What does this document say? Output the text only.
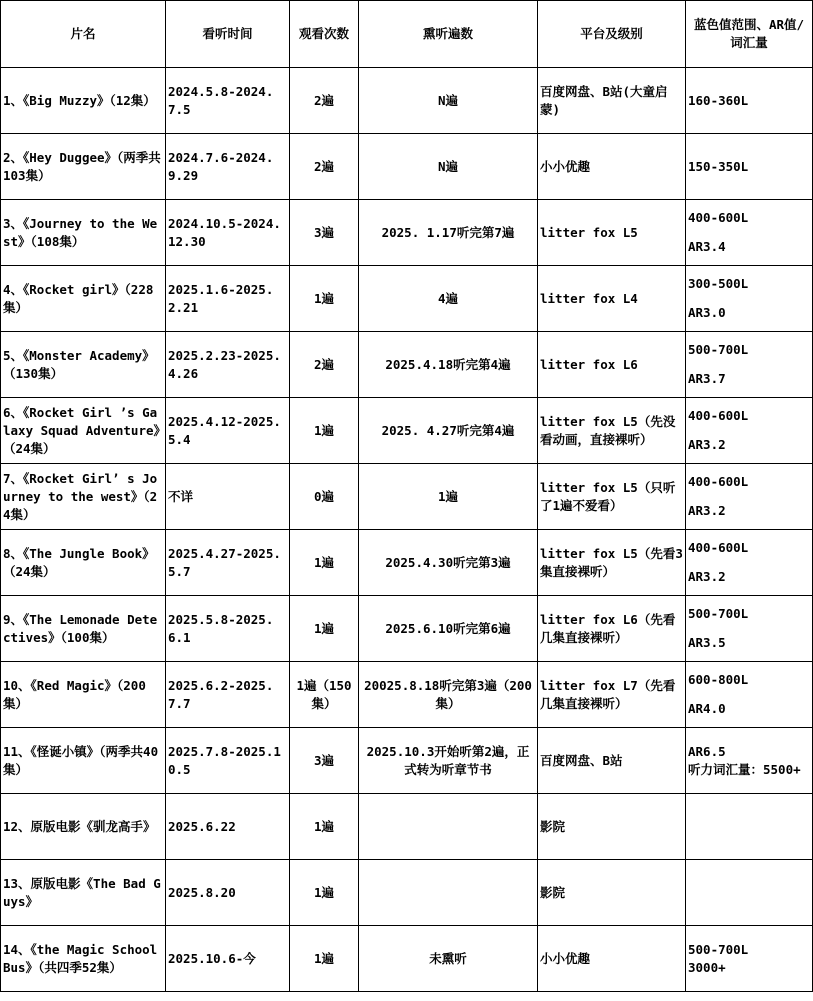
片名	看听时间	观看次数	熏听遍数	平台及级别	蓝色值范围、AR值/词汇量
1、《Big Muzzy》（12集）	2024.5.8-2024.7.5	2遍	N遍	百度网盘、B站(大童启蒙)	160-360L
2、《Hey Duggee》（两季共103集）	2024.7.6-2024. 9.29	2遍	N遍	小小优趣	150-350L
3、《Journey to the West》（108集）	2024.10.5-2024.12.30	3遍	2025. 1.17听完第7遍	litter fox L5	400-600L
AR3.4

4、《Rocket girl》（228集）	2025.1.6-2025.2.21	1遍	4遍	litter fox L4	300-500L
AR3.0

5、《Monster Academy》（130集）	2025.2.23-2025.4.26	2遍	2025.4.18听完第4遍	litter fox L6	500-700L
AR3.7

6、《Rocket Girl ’s Galaxy Squad Adventure》（24集）	2025.4.12-2025.5.4	1遍	2025. 4.27听完第4遍	litter fox L5（先没看动画，直接裸听）	400-600L
AR3.2

7、《Rocket Girl’ s Journey to the west》（24集）	不详	0遍	1遍	litter fox L5（只听了1遍不爱看）	400-600L
AR3.2

8、《The Jungle Book》（24集）	2025.4.27-2025.5.7	1遍	2025.4.30听完第3遍	litter fox L5（先看3集直接裸听）	400-600L
AR3.2

9、《The Lemonade Detectives》（100集）	2025.5.8-2025.6.1	1遍	2025.6.10听完第6遍	litter fox L6（先看几集直接裸听）	500-700L
AR3.5

10、《Red Magic》（200集）	2025.6.2-2025.7.7	1遍（150集）	20025.8.18听完第3遍（200集）	litter fox L7（先看几集直接裸听）	600-800L
AR4.0

11、《怪诞小镇》（两季共40集）	2025.7.8-2025.10.5	3遍	2025.10.3开始听第2遍，正式转为听章节书	百度网盘、B站	AR6.5
听力词汇量：5500+

12、原版电影《驯龙高手》	2025.6.22	1遍		影院	
13、原版电影《The Bad Guys》	2025.8.20	1遍		影院	
14、《the Magic School Bus》（共四季52集）	2025.10.6-今	1遍	未熏听	小小优趣	500-700L
3000+
